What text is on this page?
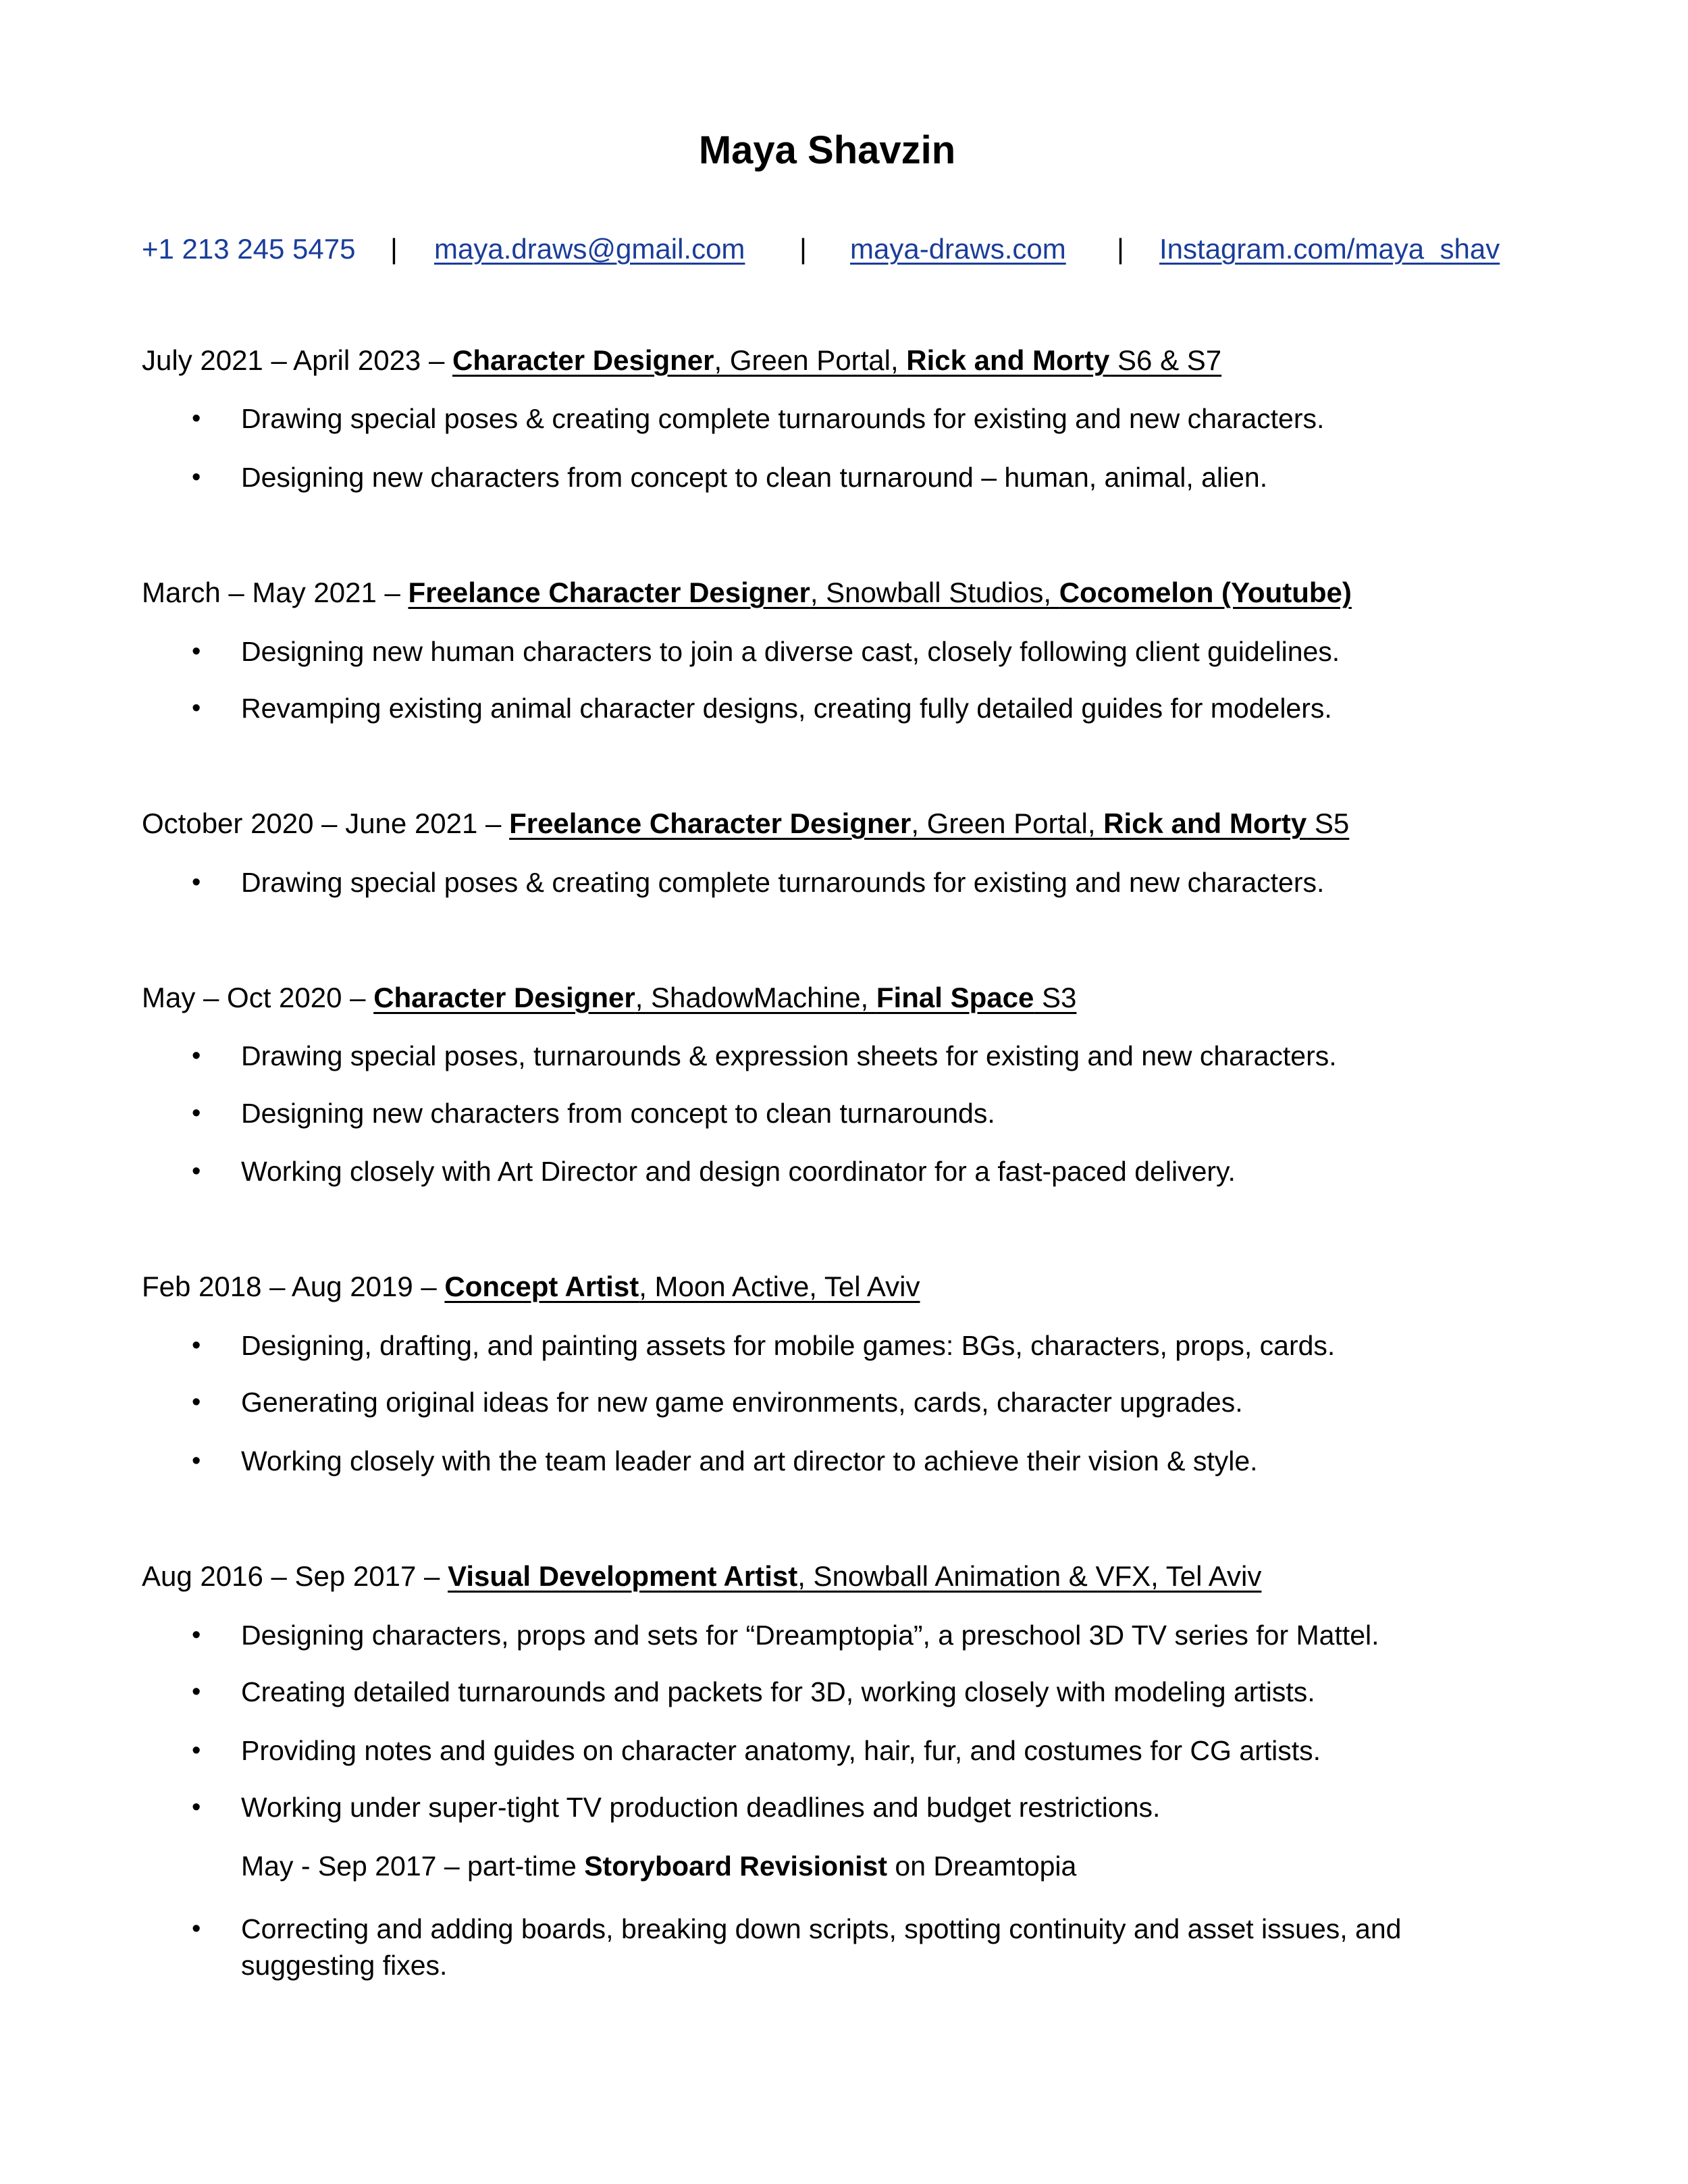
Maya Shavzin
+1 213 245 5475 | maya.draws@gmail.com | maya-draws.com | Instagram.com/maya_shav
July 2021 – April 2023 – Character Designer, Green Portal, Rick and Morty S6 & S7
• Drawing special poses & creating complete turnarounds for existing and new characters.
• Designing new characters from concept to clean turnaround – human, animal, alien.
March – May 2021 – Freelance Character Designer, Snowball Studios, Cocomelon (Youtube)
• Designing new human characters to join a diverse cast, closely following client guidelines.
• Revamping existing animal character designs, creating fully detailed guides for modelers.
October 2020 – June 2021 – Freelance Character Designer, Green Portal, Rick and Morty S5
• Drawing special poses & creating complete turnarounds for existing and new characters.
May – Oct 2020 – Character Designer, ShadowMachine, Final Space S3
• Drawing special poses, turnarounds & expression sheets for existing and new characters.
• Designing new characters from concept to clean turnarounds.
• Working closely with Art Director and design coordinator for a fast-paced delivery.
Feb 2018 – Aug 2019 – Concept Artist, Moon Active, Tel Aviv
• Designing, drafting, and painting assets for mobile games: BGs, characters, props, cards.
• Generating original ideas for new game environments, cards, character upgrades.
• Working closely with the team leader and art director to achieve their vision & style.
Aug 2016 – Sep 2017 – Visual Development Artist, Snowball Animation & VFX, Tel Aviv
• Designing characters, props and sets for “Dreamptopia”, a preschool 3D TV series for Mattel.
• Creating detailed turnarounds and packets for 3D, working closely with modeling artists.
• Providing notes and guides on character anatomy, hair, fur, and costumes for CG artists.
• Working under super-tight TV production deadlines and budget restrictions.
May - Sep 2017 – part-time Storyboard Revisionist on Dreamtopia
• Correcting and adding boards, breaking down scripts, spotting continuity and asset issues, and suggesting fixes.
